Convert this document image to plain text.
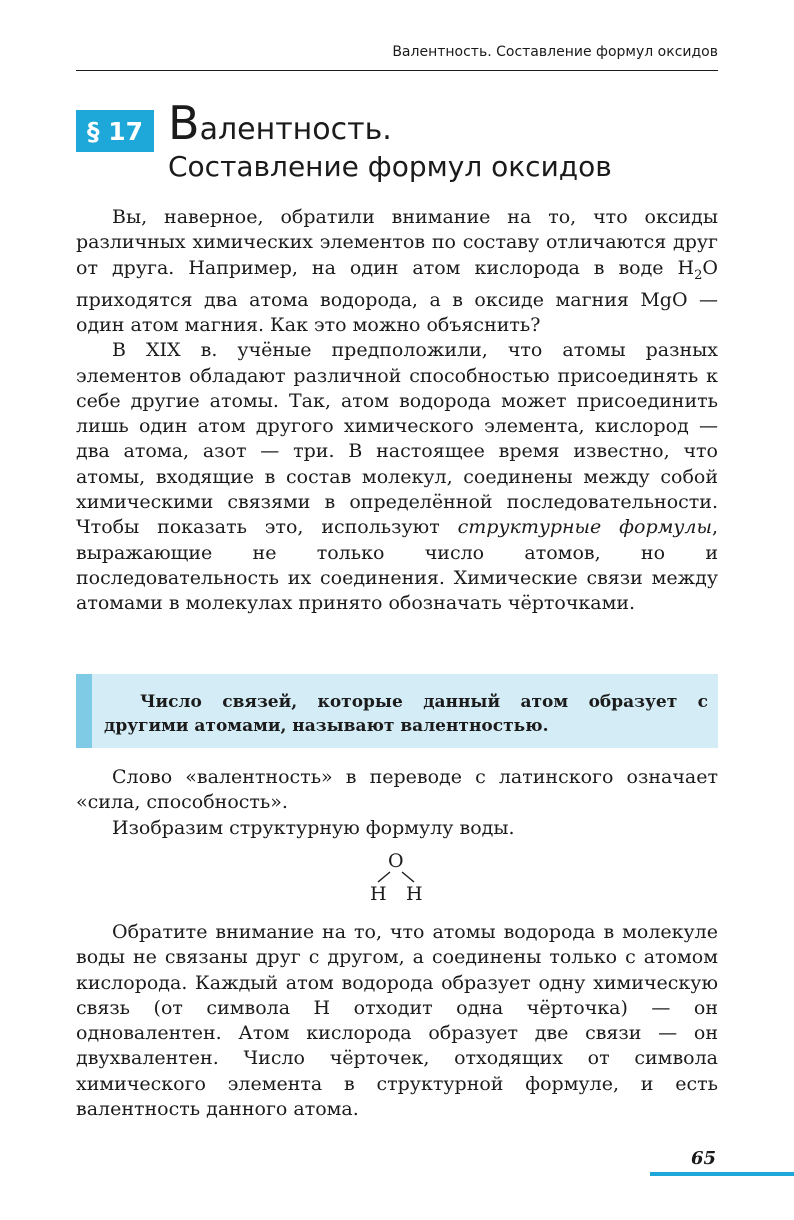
Валентность. Составление формул оксидов
§ 17 Валентность.
Составление формул оксидов

Вы, наверное, обратили внимание на то, что оксиды различных химических элементов по составу отличаются друг от друга. Например, на один атом кислорода в воде $H_2O$ приходятся два атома водорода, а в оксиде магния MgO — один атом магния. Как это можно объяснить?

В XIX в. учёные предположили, что атомы разных элементов обладают различной способностью присоединять к себе другие атомы. Так, атом водорода может присоединить лишь один атом другого химического элемента, кислород — два атома, азот — три. В настоящее время известно, что атомы, входящие в состав молекул, соединены между собой химическими связями в определённой последовательности. Чтобы показать это, используют структурные формулы, выражающие не только число атомов, но и последовательность их соединения. Химические связи между атомами в молекулах принято обозначать чёрточками.

Число связей, которые данный атом образует с другими атомами, называют валентностью.

Слово «валентность» в переводе с латинского означает «сила, способность».

Изобразим структурную формулу воды.

O
H H

Обратите внимание на то, что атомы водорода в молекуле воды не связаны друг с другом, а соединены только с атомом кислорода. Каждый атом водорода образует одну химическую связь (от символа H отходит одна чёрточка) — он одновалентен. Атом кислорода образует две связи — он двухвалентен. Число чёрточек, отходящих от символа химического элемента в структурной формуле, и есть валентность данного атома.

65
